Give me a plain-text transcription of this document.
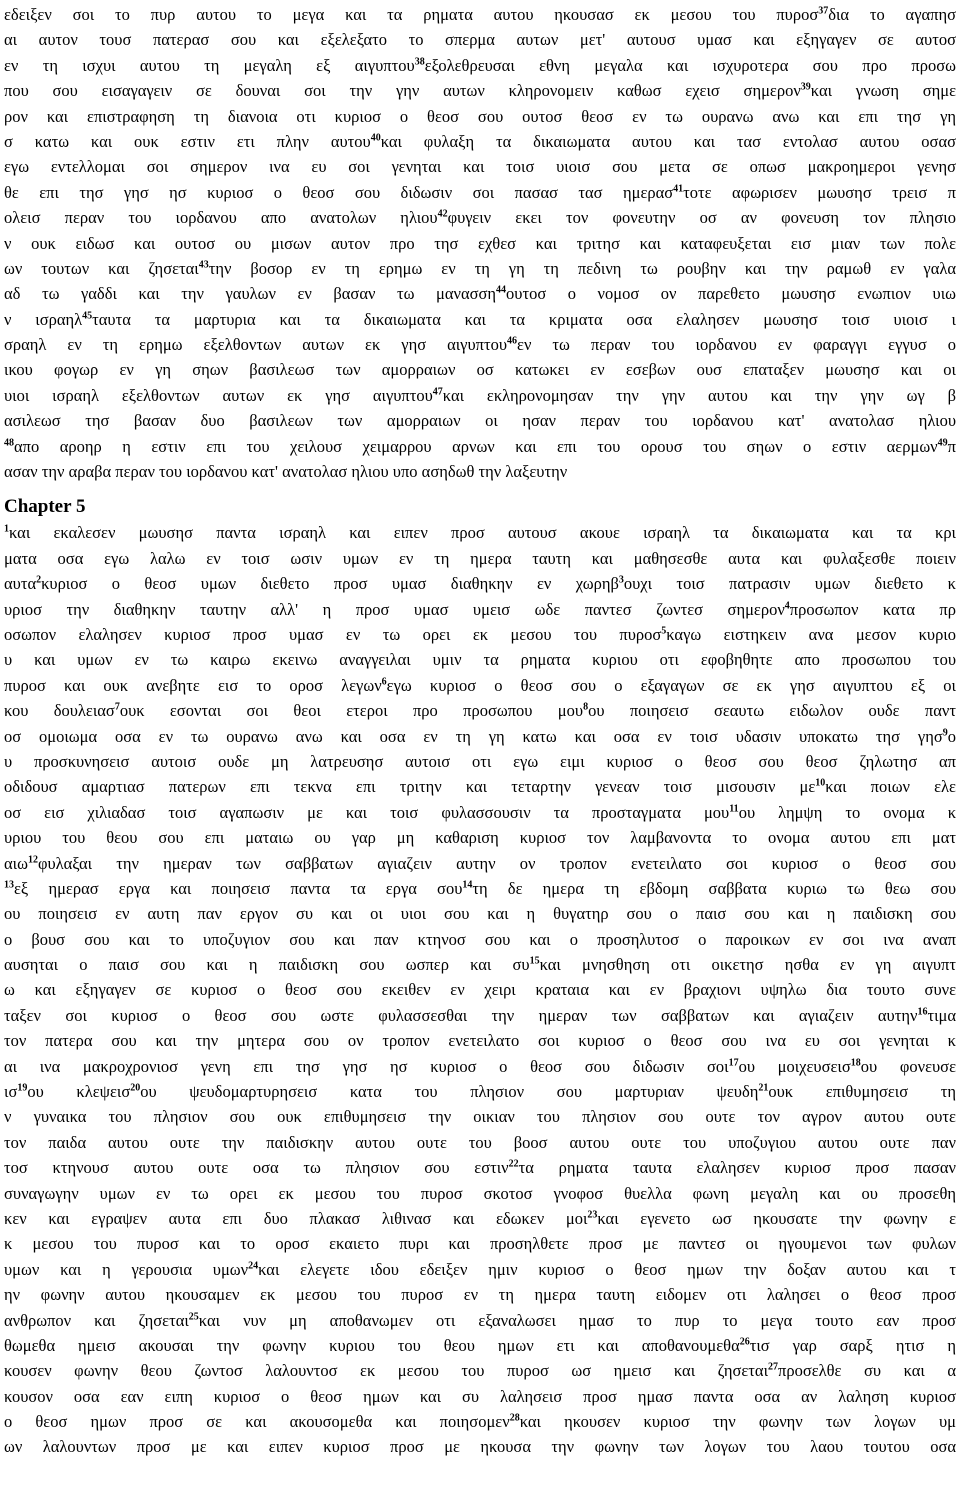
εδειξεν σοι το πυρ αυτου το μεγα και τα ρηματα αυτου ηκουσασ εκ μεσου του πυροσ$^{37}$δια το αγαπησ
αι αυτον τουσ πατερασ σου και εξελεξατο το σπερμα αυτων μετ' αυτουσ υμασ και εξηγαγεν σε αυτοσ
εν τη ισχυι αυτου τη μεγαλη εξ αιγυπτου$^{38}$εξολεθρευσαι εθνη μεγαλα και ισχυροτερα σου προ προσω
που σου εισαγαγειν σε δουναι σοι την γην αυτων κληρονομειν καθωσ εχεισ σημερον$^{39}$και γνωση σημε
ρον και επιστραφηση τη διανοια οτι κυριοσ ο θεοσ σου ουτοσ θεοσ εν τω ουρανω ανω και επι τησ γη
σ κατω και ουκ εστιν ετι πλην αυτου$^{40}$και φυλαξη τα δικαιωματα αυτου και τασ εντολασ αυτου οσασ
εγω εντελλομαι σοι σημερον ινα ευ σοι γενηται και τοισ υιοισ σου μετα σε οπωσ μακροημεροι γενησ
θε επι τησ γησ ησ κυριοσ ο θεοσ σου διδωσιν σοι πασασ τασ ημερασ$^{41}$τοτε αφωρισεν μωυσησ τρεισ π
ολεισ περαν του ιορδανου απο ανατολων ηλιου$^{42}$φυγειν εκει τον φονευτην οσ αν φονευση τον πλησιο
ν ουκ ειδωσ και ουτοσ ου μισων αυτον προ τησ εχθεσ και τριτησ και καταφευξεται εισ μιαν των πολε
ων τουτων και ζησεται$^{43}$την βοσορ εν τη ερημω εν τη γη τη πεδινη τω ρουβην και την ραμωθ εν γαλα
αδ τω γαδδι και την γαυλων εν βασαν τω μανασση$^{44}$ουτοσ ο νομοσ ον παρεθετο μωυσησ ενωπιον υιω
ν ισραηλ$^{45}$ταυτα τα μαρτυρια και τα δικαιωματα και τα κριματα οσα ελαλησεν μωυσησ τοισ υιοισ ι
σραηλ εν τη ερημω εξελθοντων αυτων εκ γησ αιγυπτου$^{46}$εν τω περαν του ιορδανου εν φαραγγι εγγυσ ο
ικου φογωρ εν γη σηων βασιλεωσ των αμορραιων οσ κατωκει εν εσεβων ουσ επαταξεν μωυσησ και οι
υιοι ισραηλ εξελθοντων αυτων εκ γησ αιγυπτου$^{47}$και εκληρονομησαν την γην αυτου και την γην ωγ β
ασιλεωσ τησ βασαν δυο βασιλεων των αμορραιων οι ησαν περαν του ιορδανου κατ' ανατολασ ηλιου
$^{48}$απο αροηρ η εστιν επι του χειλουσ χειμαρρου αρνων και επι του ορουσ του σηων ο εστιν αερμων$^{49}$π
ασαν την αραβα περαν του ιορδανου κατ' ανατολασ ηλιου υπο ασηδωθ την λαξευτην
Chapter 5
$^1$και εκαλεσεν μωυσησ παντα ισραηλ και ειπεν προσ αυτουσ ακουε ισραηλ τα δικαιωματα και τα κρι
ματα οσα εγω λαλω εν τοισ ωσιν υμων εν τη ημερα ταυτη και μαθησεσθε αυτα και φυλαξεσθε ποιειν
αυτα$^2$κυριοσ ο θεοσ υμων διεθετο προσ υμασ διαθηκην εν χωρηβ$^3$ουχι τοισ πατρασιν υμων διεθετο κ
υριοσ την διαθηκην ταυτην αλλ' η προσ υμασ υμεισ ωδε παντεσ ζωντεσ σημερον$^4$προσωπον κατα πρ
οσωπον ελαλησεν κυριοσ προσ υμασ εν τω ορει εκ μεσου του πυροσ$^5$καγω ειστηκειν ανα μεσον κυριο
υ και υμων εν τω καιρω εκεινω αναγγειλαι υμιν τα ρηματα κυριου οτι εφοβηθητε απο προσωπου του
πυροσ και ουκ ανεβητε εισ το οροσ λεγων$^6$εγω κυριοσ ο θεοσ σου ο εξαγαγων σε εκ γησ αιγυπτου εξ οι
κου δουλειασ$^7$ουκ εσονται σοι θεοι ετεροι προ προσωπου μου$^8$ου ποιησεισ σεαυτω ειδωλον ουδε παντ
οσ ομοιωμα οσα εν τω ουρανω ανω και οσα εν τη γη κατω και οσα εν τοισ υδασιν υποκατω τησ γησ$^9$ο
υ προσκυνησεισ αυτοισ ουδε μη λατρευσησ αυτοισ οτι εγω ειμι κυριοσ ο θεοσ σου θεοσ ζηλωτησ απ
οδιδουσ αμαρτιασ πατερων επι τεκνα επι τριτην και τεταρτην γενεαν τοισ μισουσιν $\mu\varepsilon^{10}\kappa\alpha\iota$ ποιων ελε
οσ εισ χιλιαδασ τοισ αγαπωσιν με και τοισ φυλασσουσιν τα προσταγματα μου$^{11}$ου λημψη το ονομα κ
υριου του θεου σου επι ματαιω ου γαρ μη καθαριση κυριοσ τον λαμβανοντα το ονομα αυτου επι ματ
αιω$^{12}$φυλαξαι την ημεραν των σαββατων αγιαζειν αυτην ον τροπον ενετειλατο σοι κυριοσ ο θεοσ σου
$^{13}$εξ ημερασ εργα και ποιησεισ παντα τα εργα σου$^{14}$τη δε ημερα τη εβδομη σαββατα κυριω τω θεω σου
ου ποιησεισ εν αυτη παν εργον συ και οι υιοι σου και η θυγατηρ σου ο παισ σου και η παιδισκη σου
ο βουσ σου και το υποζυγιον σου και παν κτηνοσ σου και ο προσηλυτοσ ο παροικων εν σοι ινα αναπ
αυσηται ο παισ σου και η παιδισκη σου ωσπερ και $\sigma\upsilon^{15}\kappa\alpha\iota$ μνησθηση οτι οικετησ ησθα εν γη αιγυπτ
ω και εξηγαγεν σε κυριοσ ο θεοσ σου εκειθεν εν χειρι κραταια και εν βραχιονι υψηλω δια τουτο συνε
ταξεν σοι κυριοσ ο θεοσ σου ωστε φυλασσεσθαι την ημεραν των σαββατων και αγιαζειν αυτην$^{16}$τιμα
τον πατερα σου και την μητερα σου ον τροπον ενετειλατο σοι κυριοσ ο θεοσ σου ινα ευ σοι γενηται κ
αι ινα μακροχρονιοσ γενη επι τησ γησ ησ κυριοσ ο θεοσ σου διδωσιν σοι$^{17}$ου μοιχευσεισ$^{18}$ου φονευσε
$\iota\sigma^{19}o\upsilon$ κλεψεισ$^{20}$ου ψευδομαρτυρησεισ κατα του πλησιον σου μαρτυριαν ψευδη$^{21}$ουκ επιθυμησεισ τη
ν γυναικα του πλησιον σου ουκ επιθυμησεισ την οικιαν του πλησιον σου ουτε τον αγρον αυτου ουτε
τον παιδα αυτου ουτε την παιδισκην αυτου ουτε του βοοσ αυτου ουτε του υποζυγιου αυτου ουτε παν
τοσ κτηνουσ αυτου ουτε οσα τω πλησιον σου εστιν$^{22}$τα ρηματα ταυτα ελαλησεν κυριοσ προσ πασαν
συναγωγην υμων εν τω ορει εκ μεσου του πυροσ σκοτοσ γνοφοσ θυελλα φωνη μεγαλη και ου προσεθη
κεν και εγραψεν αυτα επι δυο πλακασ λιθινασ και εδωκεν μοι$^{23}$και εγενετο ωσ ηκουσατε την φωνην ε
κ μεσου του πυροσ και το οροσ εκαιετο πυρι και προσηλθετε προσ με παντεσ οι ηγουμενοι των φυλων
υμων και η γερουσια υμων$^{24}$και ελεγετε ιδου εδειξεν ημιν κυριοσ ο θεοσ ημων την δοξαν αυτου και τ
ην φωνην αυτου ηκουσαμεν εκ μεσου του πυροσ εν τη ημερα ταυτη ειδομεν οτι λαλησει ο θεοσ προσ
ανθρωπον και ζησεται$^{25}$και νυν μη αποθανωμεν οτι εξαναλωσει ημασ το πυρ το μεγα τουτο εαν προσ
θωμεθα ημεισ ακουσαι την φωνην κυριου του θεου ημων ετι και αποθανουμεθα$^{26}$τισ γαρ σαρξ ητισ η
κουσεν φωνην θεου ζωντοσ λαλουντοσ εκ μεσου του πυροσ ωσ ημεισ και ζησεται$^{27}$προσελθε συ και α
κουσον οσα εαν ειπη κυριοσ ο θεοσ ημων και συ λαλησεισ προσ ημασ παντα οσα αν λαληση κυριοσ
ο θεοσ ημων προσ σε και ακουσομεθα και ποιησομεν$^{28}$και ηκουσεν κυριοσ την φωνην των λογων υμ
ων λαλουντων προσ με και ειπεν κυριοσ προσ με ηκουσα την φωνην των λογων του λαου τουτου οσα
